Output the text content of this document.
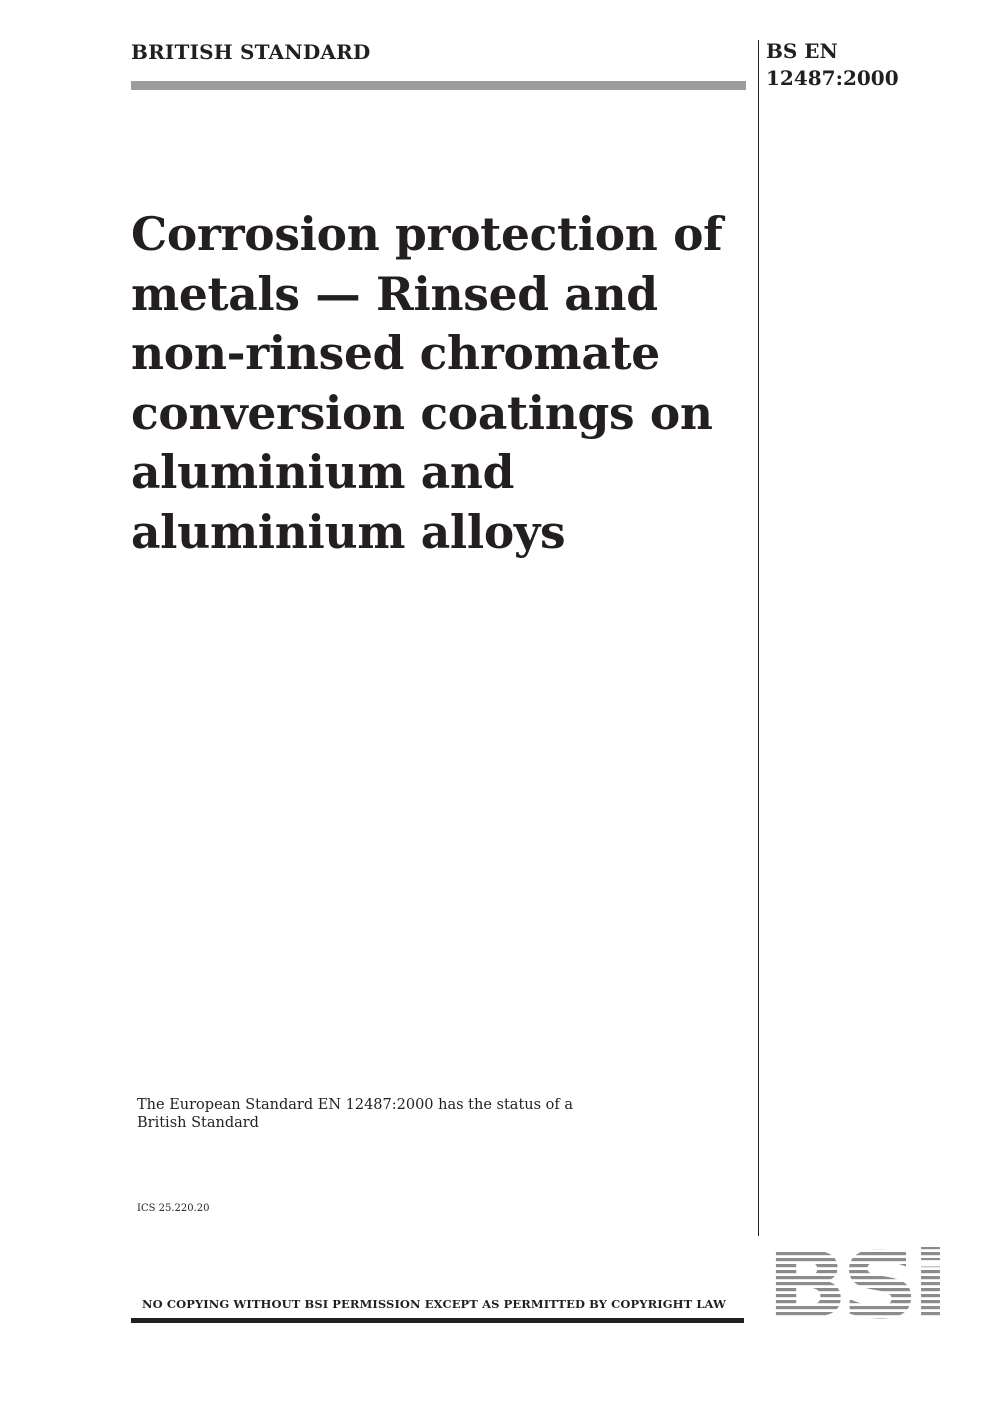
BRITISH STANDARD	BS EN
12487:2000
Corrosion protection of
metals — Rinsed and
non-rinsed chromate
conversion coatings on
aluminium and
aluminium alloys
The European Standard EN 12487:2000 has the status of a
British Standard
ICS 25.220.20
NO COPYING WITHOUT BSI PERMISSION EXCEPT AS PERMITTED BY COPYRIGHT LAW BSi
